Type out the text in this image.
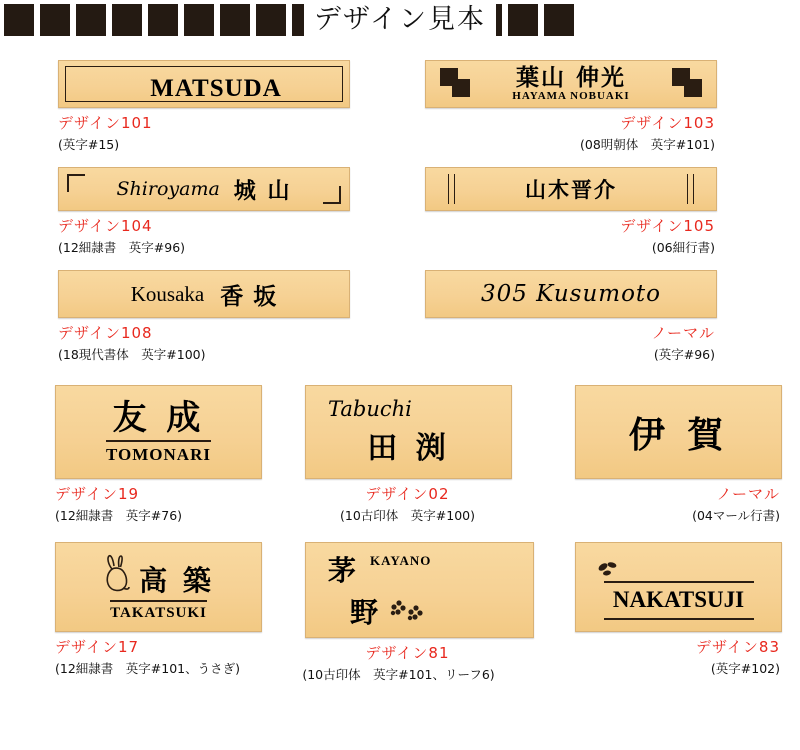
デザイン見本
MATSUDA
デザイン101
(英字#15)
葉山 伸光
HAYAMA NOBUAKI
デザイン103
(08明朝体　英字#101)
Shiroyama 城 山
デザイン104
(12細隷書　英字#96)
山木晋介
デザイン105
(06細行書)
Kousaka 香 坂
デザイン108
(18現代書体　英字#100)
305 Kusumoto
ノーマル
(英字#96)
友 成
TOMONARI
デザイン19
(12細隷書　英字#76)
Tabuchi
田 渕
デザイン02
(10古印体　英字#100)
伊 賀
ノーマル
(04マール行書)
高 築
TAKATSUKI
デザイン17
(12細隷書　英字#101、うさぎ)
茅 KAYANO
野
デザイン81
(10古印体　英字#101、リーフ6)
NAKATSUJI
デザイン83
(英字#102)
